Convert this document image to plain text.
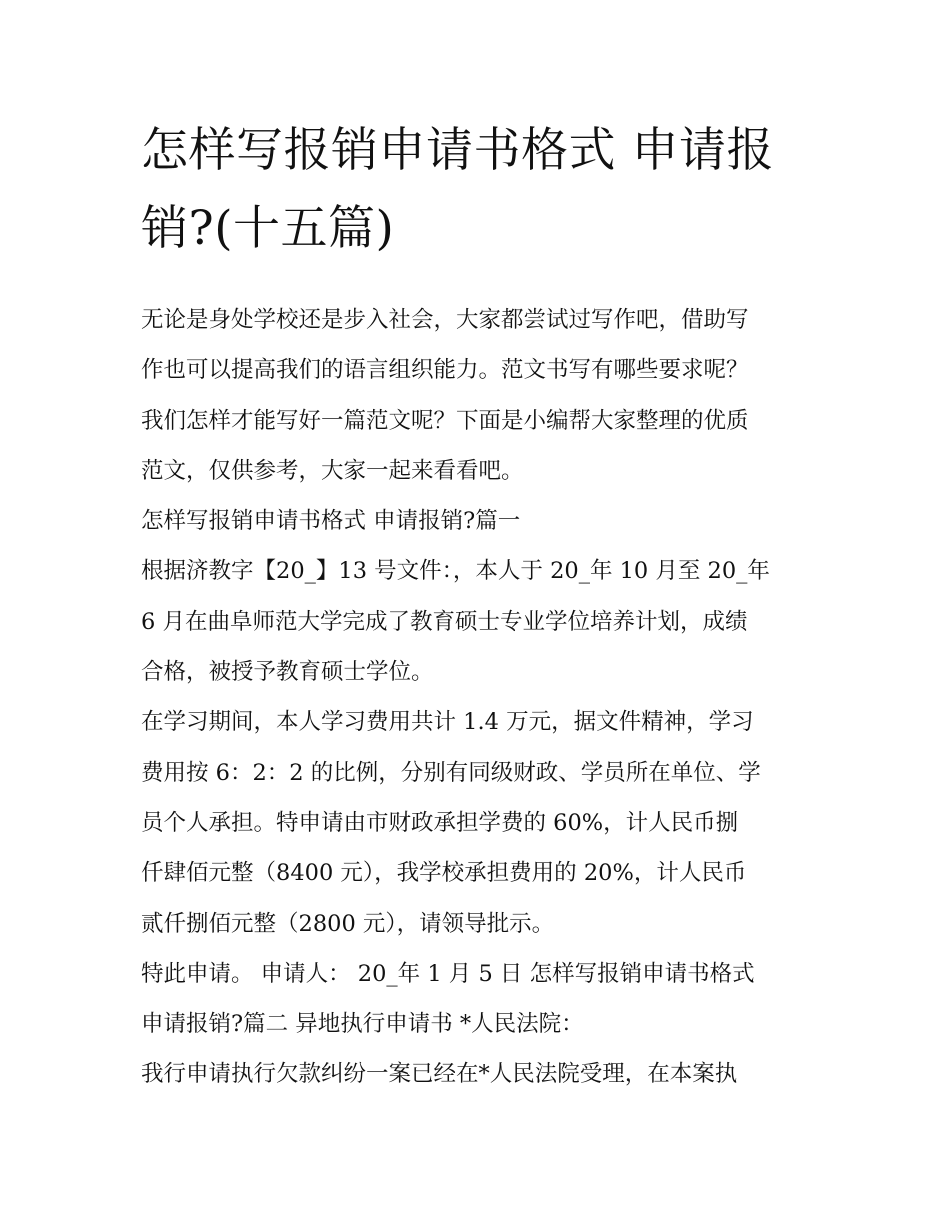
怎样写报销申请书格式 申请报
销?(十五篇)

无论是身处学校还是步入社会，大家都尝试过写作吧，借助写
作也可以提高我们的语言组织能力。范文书写有哪些要求呢？
我们怎样才能写好一篇范文呢？下面是小编帮大家整理的优质
范文，仅供参考，大家一起来看看吧。

怎样写报销申请书格式 申请报销?篇一

根据济教字【20_】13 号文件：，本人于 20_年 10 月至 20_年
6 月在曲阜师范大学完成了教育硕士专业学位培养计划，成绩
合格，被授予教育硕士学位。

在学习期间，本人学习费用共计 1.4 万元，据文件精神，学习
费用按 6：2：2 的比例，分别有同级财政、学员所在单位、学
员个人承担。特申请由市财政承担学费的 60%，计人民币捌
仟肆佰元整（8400 元），我学校承担费用的 20%，计人民币
贰仟捌佰元整（2800 元），请领导批示。

特此申请。 申请人： 20_年 1 月 5 日 怎样写报销申请书格式
申请报销?篇二 异地执行申请书 *人民法院：

我行申请执行欠款纠纷一案已经在*人民法院受理，在本案执
